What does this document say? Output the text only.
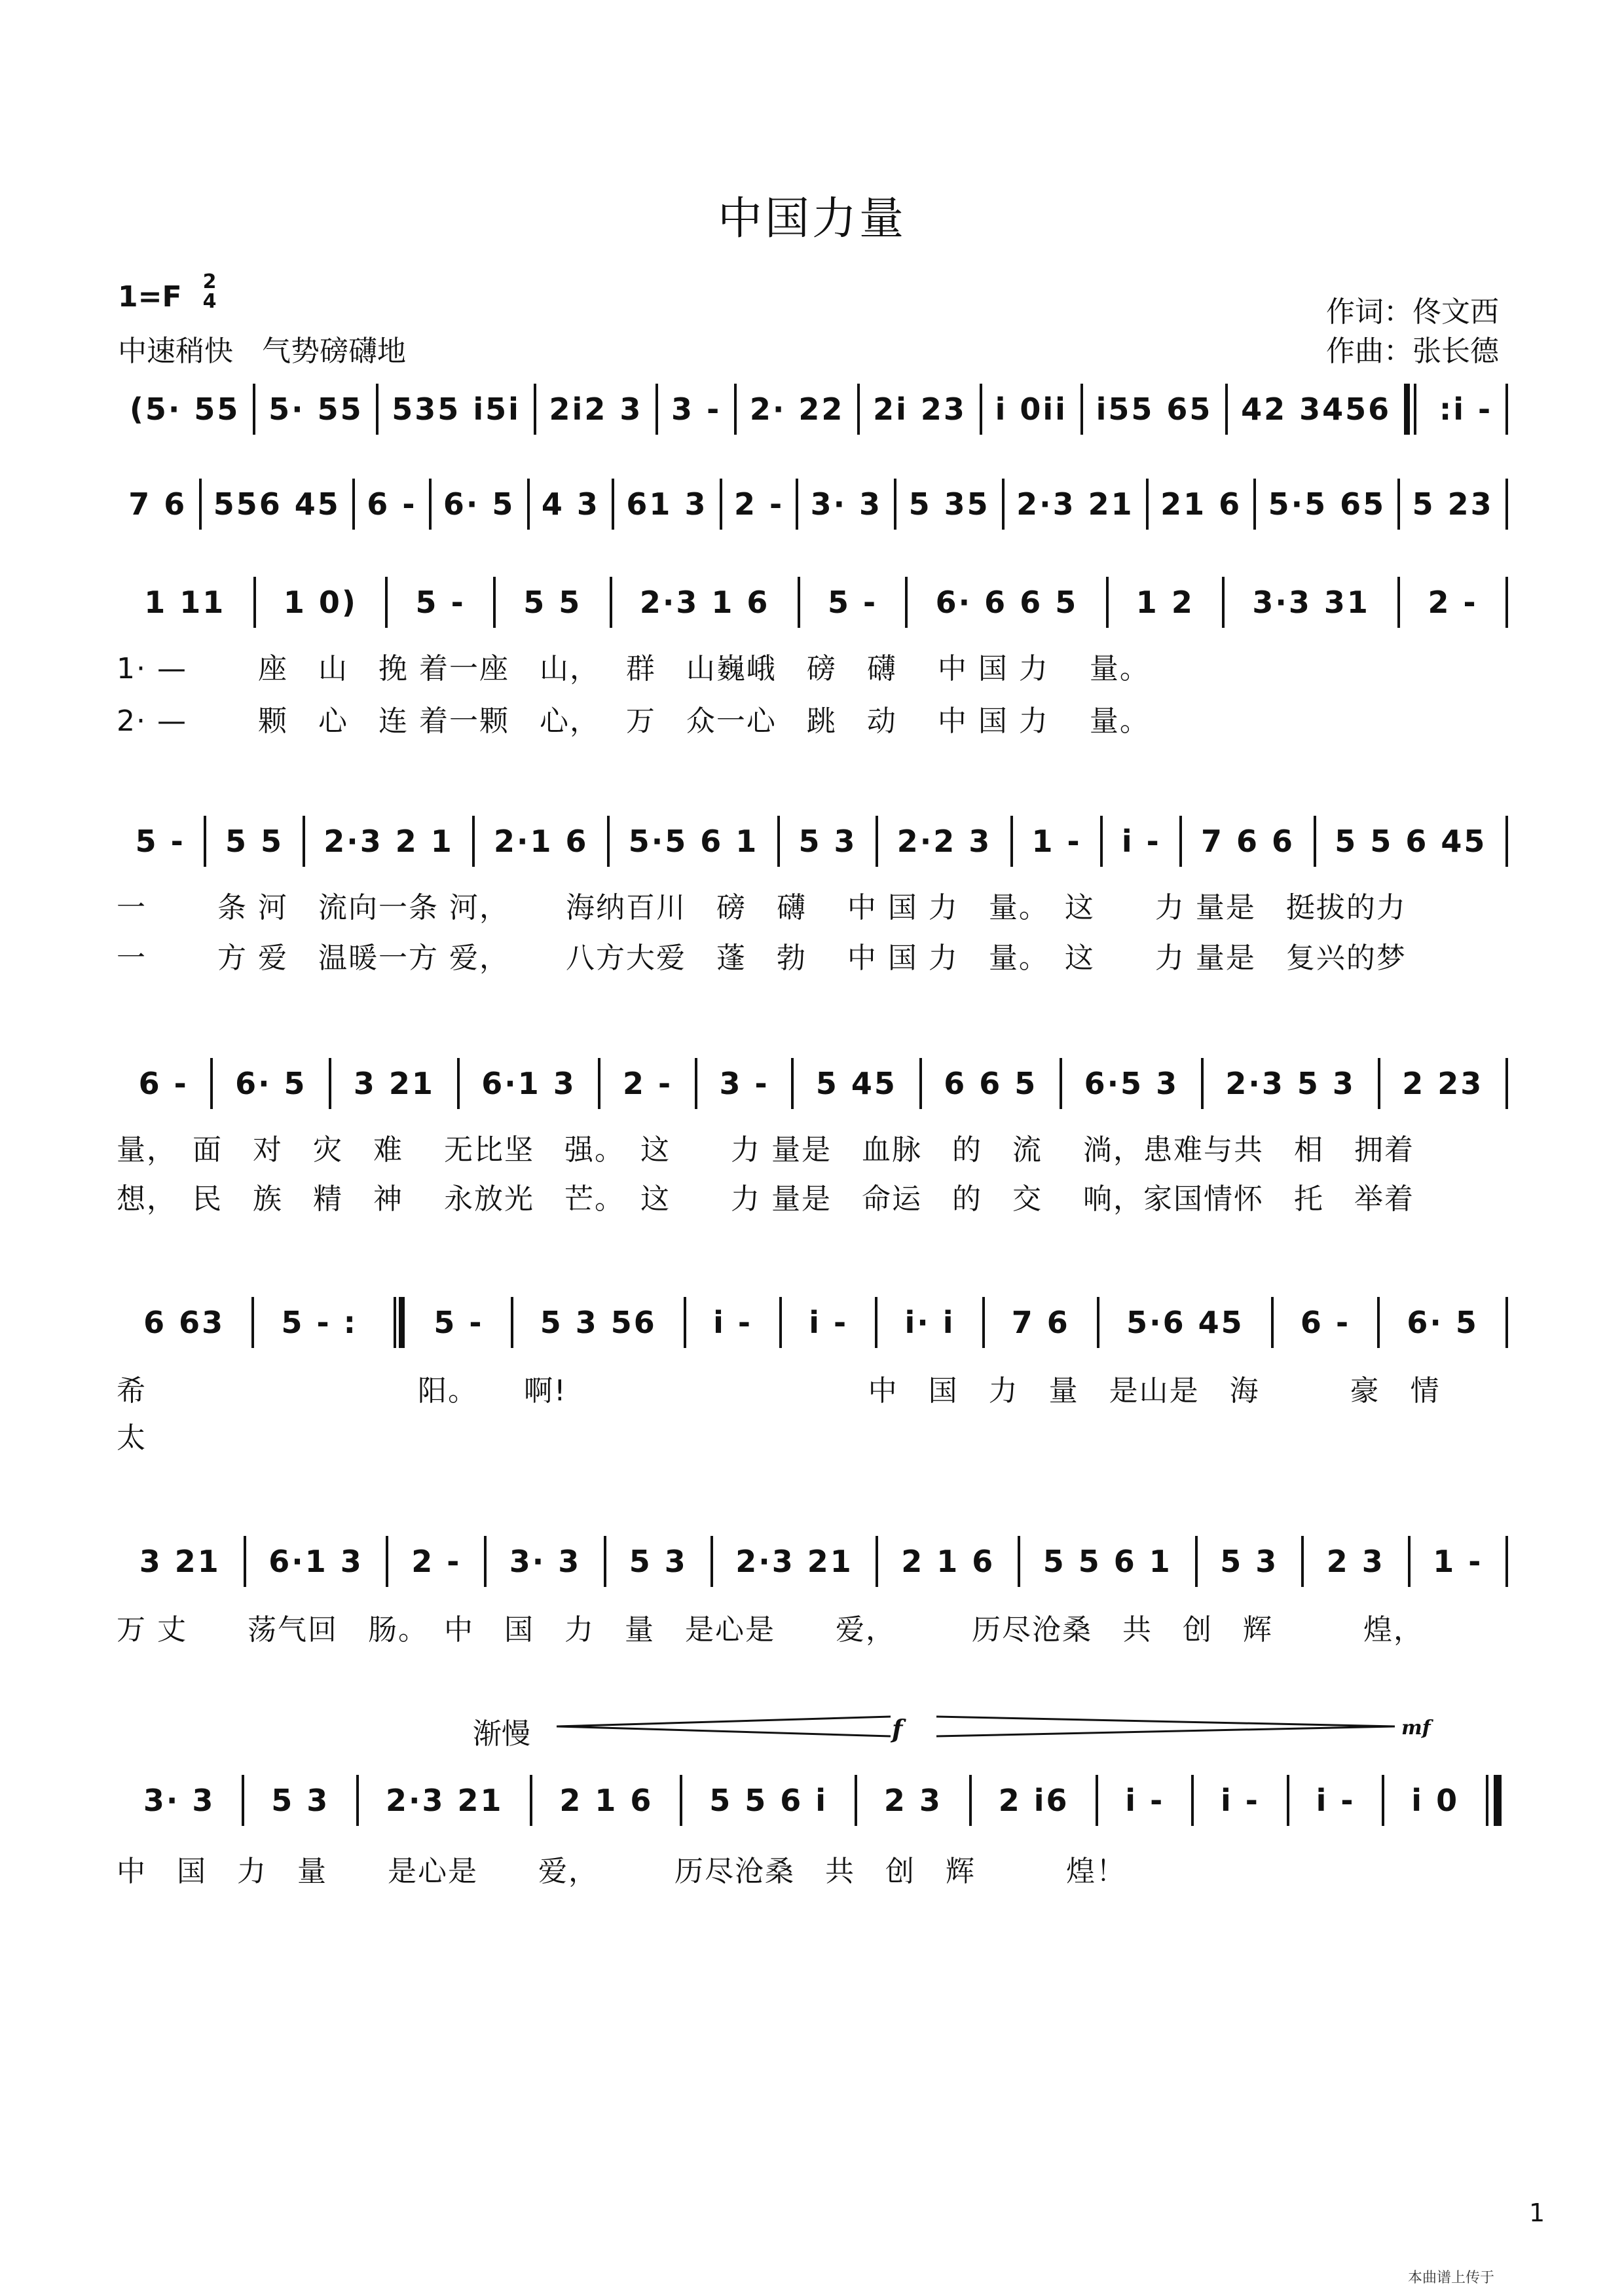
中国力量
1=F 2
4
中速稍快　气势磅礴地
作词：佟文西
作曲：张长德
(5· 55 5· 55 535 i5i 2i2 3 3 - 2· 22 2i 23 i 0ii i55 65 42 3456	:i -
7 6 556 45 6 - 6· 5 4 3 61 3 2 - 3· 3 5 35 2·3 21 21 6 5·5 65 5 23
1 11	1 0)	5 -	5 5	2·3 1 6	5 -	6· 6 6 5	1 2	3·3 31	2 -
1· —　　 座　山　挽 着一座　山，　 群　山巍峨　磅　礴　 中 国 力　 量。
2· —　　 颗　心　连 着一颗　心，　 万　众一心　跳　动　 中 国 力　 量。
5 -	5 5	2·3 2 1	2·1 6	5·5 6 1	5 3	2·2 3	1 -	i -	7 6 6	5 5 6 45
一　　 条 河　流向一条 河，　　 海纳百川　磅　礴　 中 国 力　量。　这　　力 量是　挺拔的力
一　　 方 爱　温暖一方 爱，　　 八方大爱　蓬　勃　 中 国 力　量。　这　　力 量是　复兴的梦
6 -	6· 5	3 21	6·1 3	2 -	3 -	5 45	6 6 5	6·5 3	2·3 5 3	2 23
量，　面　对　灾　难　 无比坚　强。　这　　力 量是　血脉　的　流　 淌，患难与共　相　拥着
想，　民　族　精　神　 永放光　芒。　这　　力 量是　命运　的　交　 响，家国情怀　托　举着
6 63	5 - :	5 -	5 3 56	i -	i -	i· i	7 6	5·6 45	6 -	6· 5
希　　　　　　　　　阳。　　啊!　　　　　　　　　　中　国　力　量　是山是　海　　　豪　情
太
3 21	6·1 3	2 -	3· 3	5 3	2·3 21	2 1 6	5 5 6 1	5 3	2 3	1 -
万 丈　　荡气回　肠。　中　国　力　量　是心是　　爱，　　　历尽沧桑　共　创　辉　　　煌，
渐慢	f	mf
3· 3	5 3	2·3 21	2 1 6	5 5 6 i	2 3	2 i6	i -	i -	i -	i 0
中　国　力　量　　是心是　　爱，　　　历尽沧桑　共　创　辉　　　煌！
1
本曲谱上传于
